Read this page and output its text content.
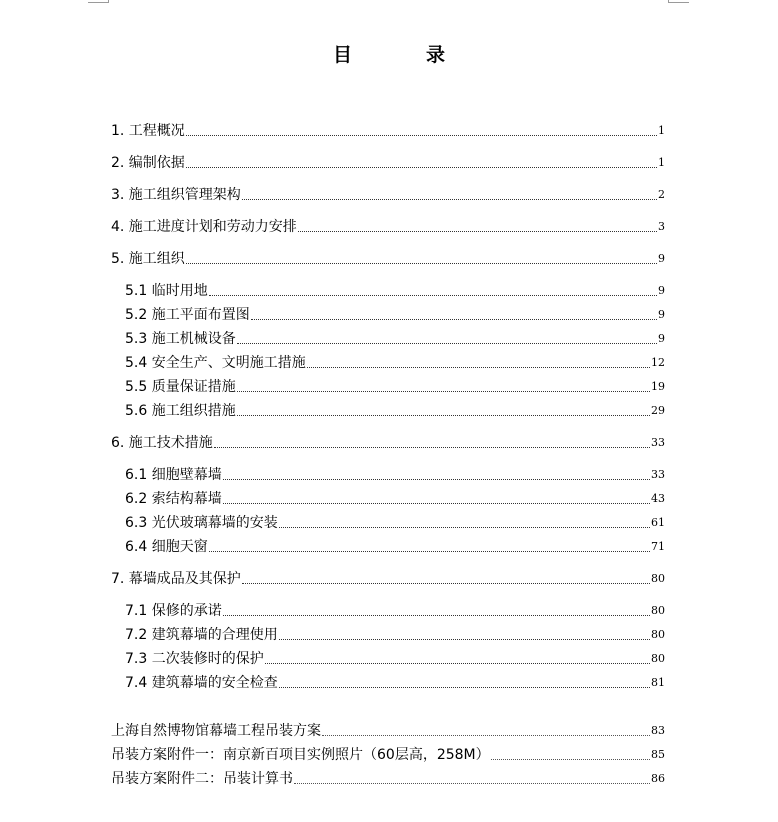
目	录
1. 工程概况	1
2. 编制依据	1
3. 施工组织管理架构	2
4. 施工进度计划和劳动力安排	3
5. 施工组织	9
5.1 临时用地	9
5.2 施工平面布置图	9
5.3 施工机械设备	9
5.4 安全生产、文明施工措施	12
5.5 质量保证措施	19
5.6 施工组织措施	29
6. 施工技术措施	33
6.1 细胞壁幕墙	33
6.2 索结构幕墙	43
6.3 光伏玻璃幕墙的安装	61
6.4 细胞天窗	71
7. 幕墙成品及其保护	80
7.1 保修的承诺	80
7.2 建筑幕墙的合理使用	80
7.3 二次装修时的保护	80
7.4 建筑幕墙的安全检查	81
上海自然博物馆幕墙工程吊装方案	83
吊装方案附件一：南京新百项目实例照片（60层高，258M）	85
吊装方案附件二：吊装计算书	86
